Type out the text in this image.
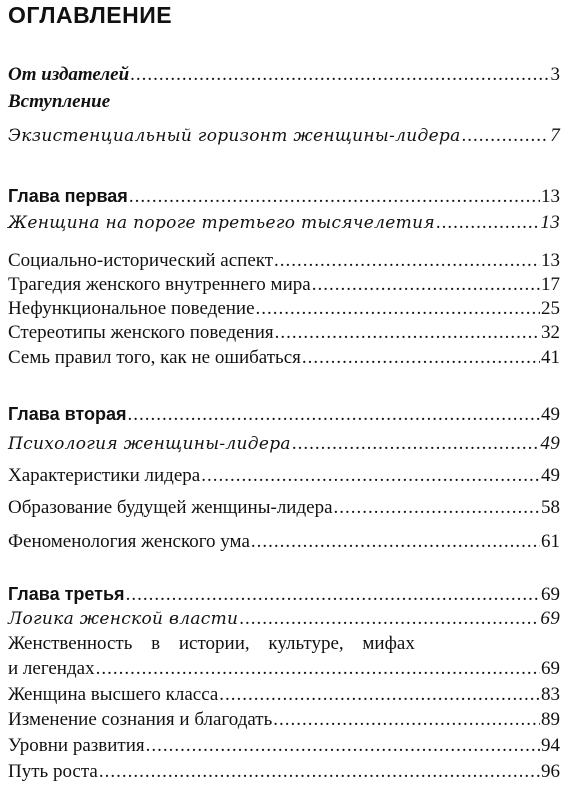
ОГЛАВЛЕНИЕ
От издателей .....	3
Вступление
Экзистенциальный горизонт женщины-лидера .....	7
Глава первая .....	13
Женщина на пороге третьего тысячелетия .....	13
Социально-исторический аспект .....	13
Трагедия женского внутреннего мира .....	17
Нефункциональное поведение .....	25
Стереотипы женского поведения .....	32
Семь правил того, как не ошибаться .....	41
Глава вторая .....	49
Психология женщины-лидера .....	49
Характеристики лидера .....	49
Образование будущей женщины-лидера .....	58
Феноменология женского ума .....	61
Глава третья .....	69
Логика женской власти .....	69
Женственность в истории, культуре, мифах
и легендах .....	69
Женщина высшего класса .....	83
Изменение сознания и благодать .....	89
Уровни развития .....	94
Путь роста .....	96
